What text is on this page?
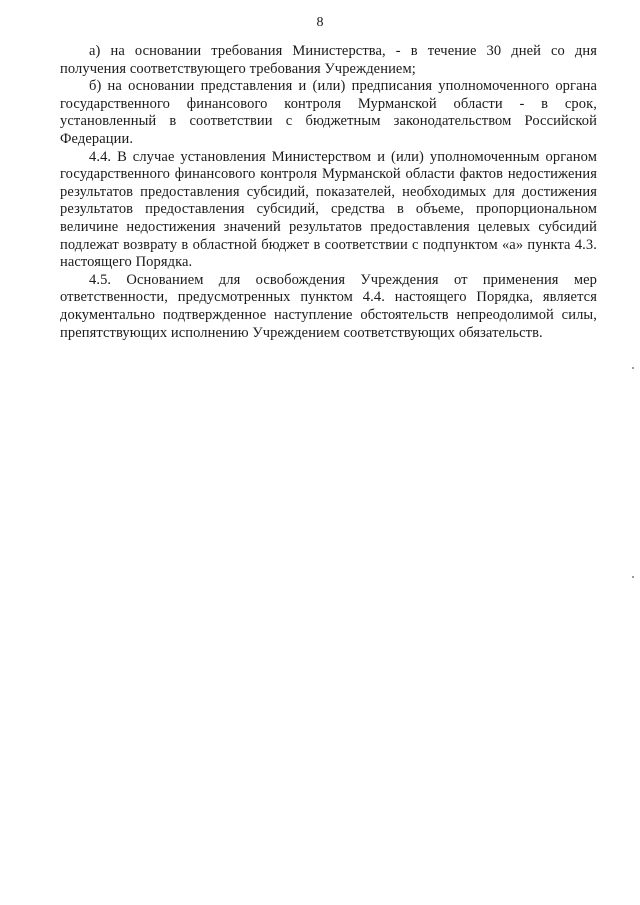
8

а) на основании требования Министерства, - в течение 30 дней со дня получения соответствующего требования Учреждением;

б) на основании представления и (или) предписания уполномоченного органа государственного финансового контроля Мурманской области - в срок, установленный в соответствии с бюджетным законодательством Российской Федерации.

4.4. В случае установления Министерством и (или) уполномоченным органом государственного финансового контроля Мурманской области фактов недостижения результатов предоставления субсидий, показателей, необходимых для достижения результатов предоставления субсидий, средства в объеме, пропорциональном величине недостижения значений результатов предоставления целевых субсидий подлежат возврату в областной бюджет в соответствии с подпунктом «а» пункта 4.3. настоящего Порядка.

4.5. Основанием для освобождения Учреждения от применения мер ответственности, предусмотренных пунктом 4.4. настоящего Порядка, является документально подтвержденное наступление обстоятельств непреодолимой силы, препятствующих исполнению Учреждением соответствующих обязательств.
